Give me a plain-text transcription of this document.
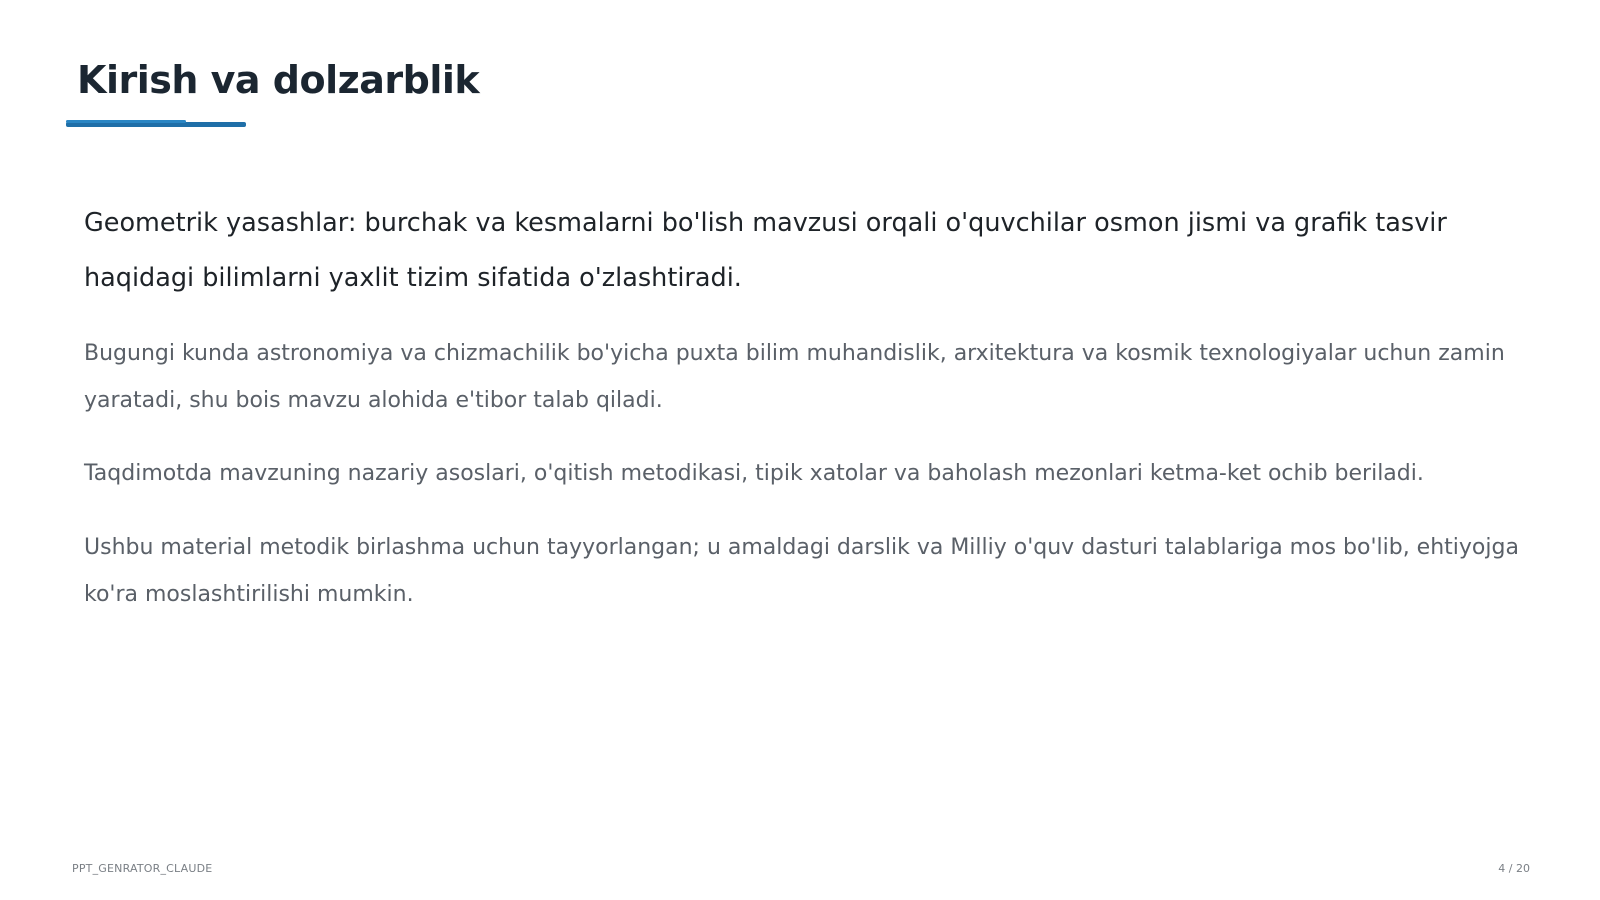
Kirish va dolzarblik

Geometrik yasashlar: burchak va kesmalarni bo'lish mavzusi orqali o'quvchilar osmon jismi va grafik tasvir haqidagi bilimlarni yaxlit tizim sifatida o'zlashtiradi.

Bugungi kunda astronomiya va chizmachilik bo'yicha puxta bilim muhandislik, arxitektura va kosmik texnologiyalar uchun zamin yaratadi, shu bois mavzu alohida e'tibor talab qiladi.

Taqdimotda mavzuning nazariy asoslari, o'qitish metodikasi, tipik xatolar va baholash mezonlari ketma-ket ochib beriladi.

Ushbu material metodik birlashma uchun tayyorlangan; u amaldagi darslik va Milliy o'quv dasturi talablariga mos bo'lib, ehtiyojga ko'ra moslashtirilishi mumkin.

PPT_GENRATOR_CLAUDE	4 / 20
